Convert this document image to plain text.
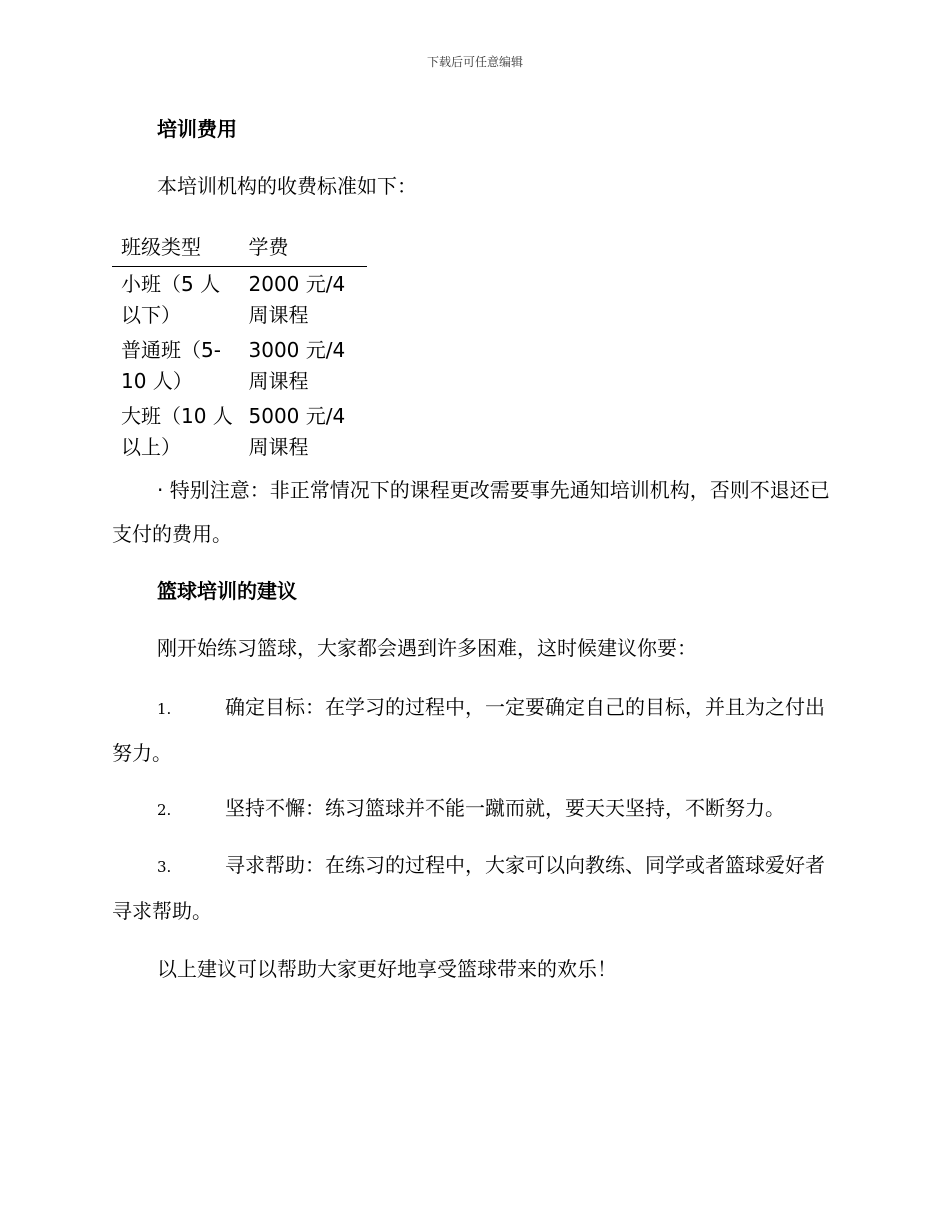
下载后可任意编辑
培训费用
本培训机构的收费标准如下：
班级类型	学费
小班（5 人以下）	2000 元/4 周课程
普通班（5-10 人）	3000 元/4 周课程
大班（10 人以上）	5000 元/4 周课程
· 特别注意：非正常情况下的课程更改需要事先通知培训机构，否则不退还已支付的费用。
篮球培训的建议
刚开始练习篮球，大家都会遇到许多困难，这时候建议你要：
1.	确定目标：在学习的过程中，一定要确定自己的目标，并且为之付出努力。
2.	坚持不懈：练习篮球并不能一蹴而就，要天天坚持，不断努力。
3.	寻求帮助：在练习的过程中，大家可以向教练、同学或者篮球爱好者寻求帮助。
以上建议可以帮助大家更好地享受篮球带来的欢乐！
